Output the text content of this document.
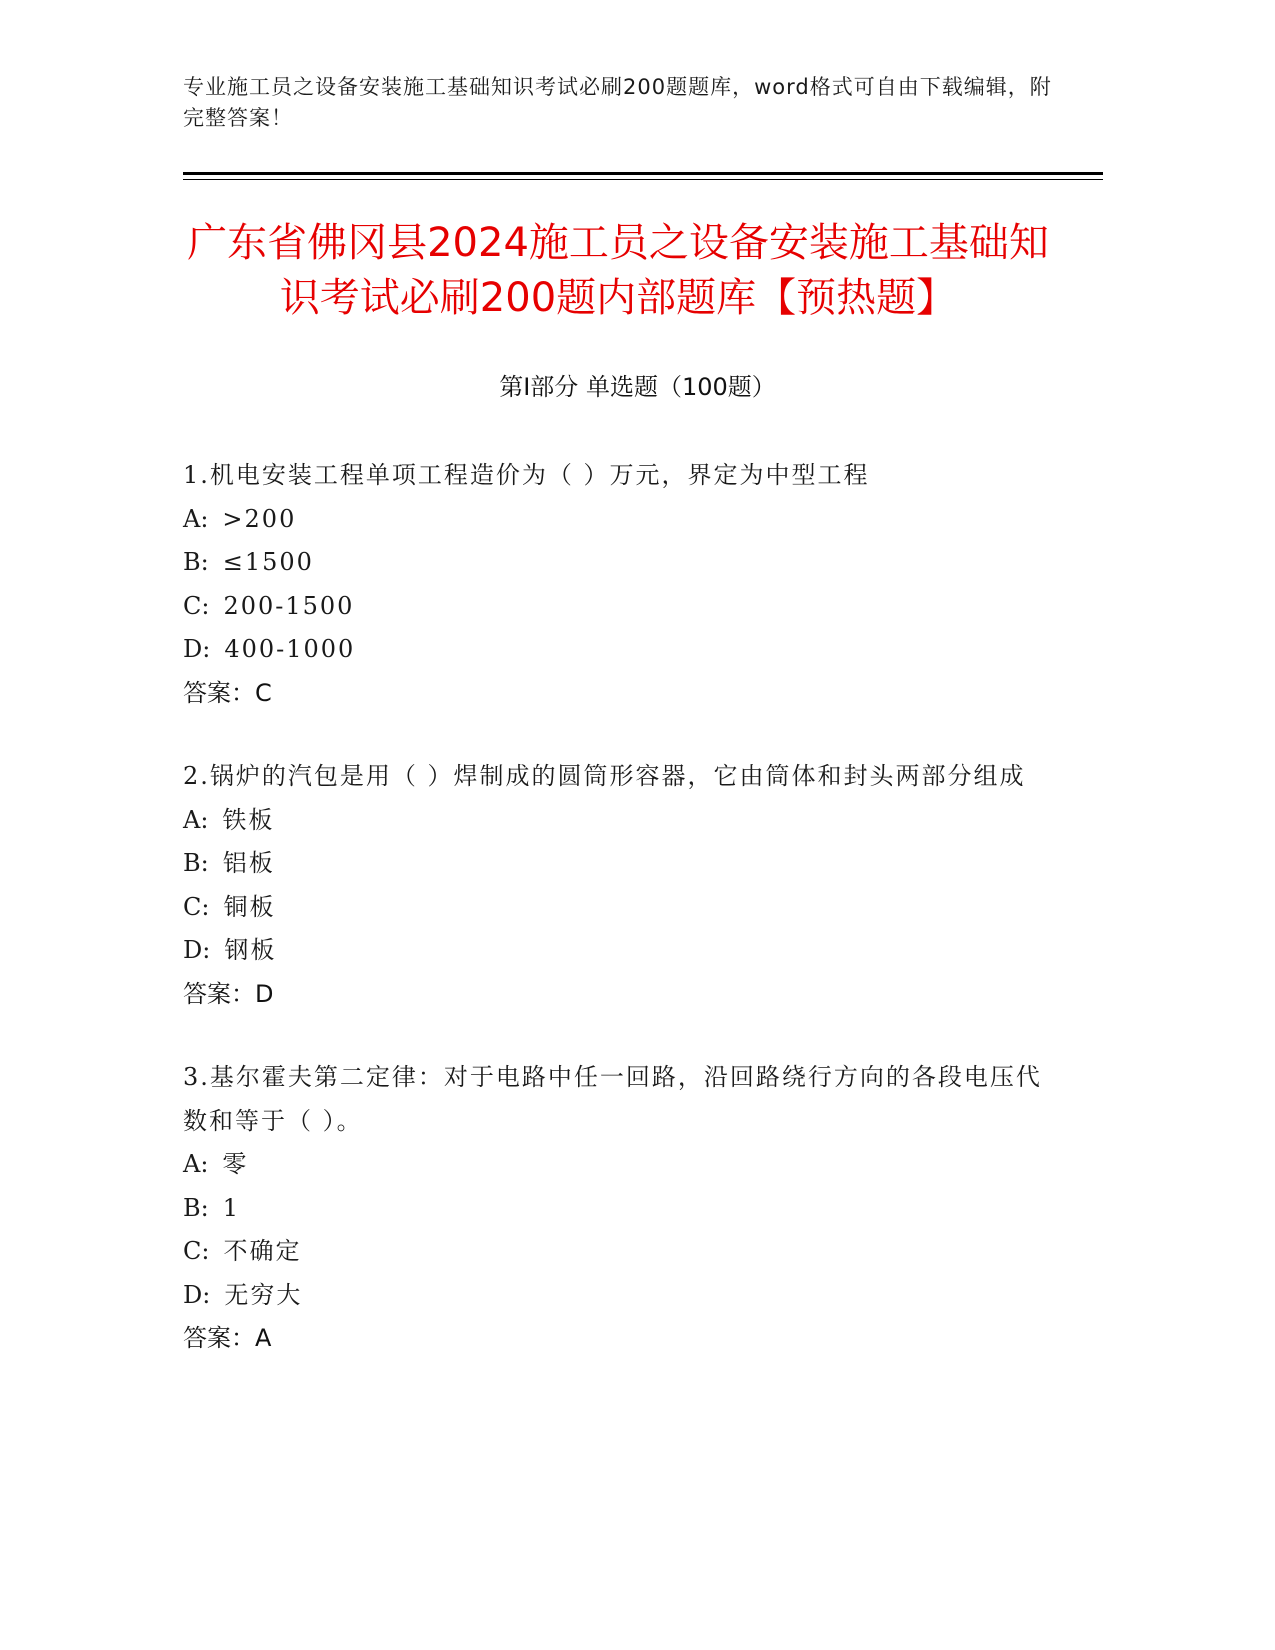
专业施工员之设备安装施工基础知识考试必刷200题题库，word格式可自由下载编辑，附完整答案！
广东省佛冈县2024施工员之设备安装施工基础知识考试必刷200题内部题库【预热题】
第Ⅰ部分 单选题（100题）
1.机电安装工程单项工程造价为（ ）万元，界定为中型工程
A: >200
B: ≤1500
C: 200-1500
D: 400-1000
答案：C
2.锅炉的汽包是用（ ）焊制成的圆筒形容器，它由筒体和封头两部分组成
A: 铁板
B: 铝板
C: 铜板
D: 钢板
答案：D
3.基尔霍夫第二定律：对于电路中任一回路，沿回路绕行方向的各段电压代数和等于（ ）。
A: 零
B: 1
C: 不确定
D: 无穷大
答案：A
